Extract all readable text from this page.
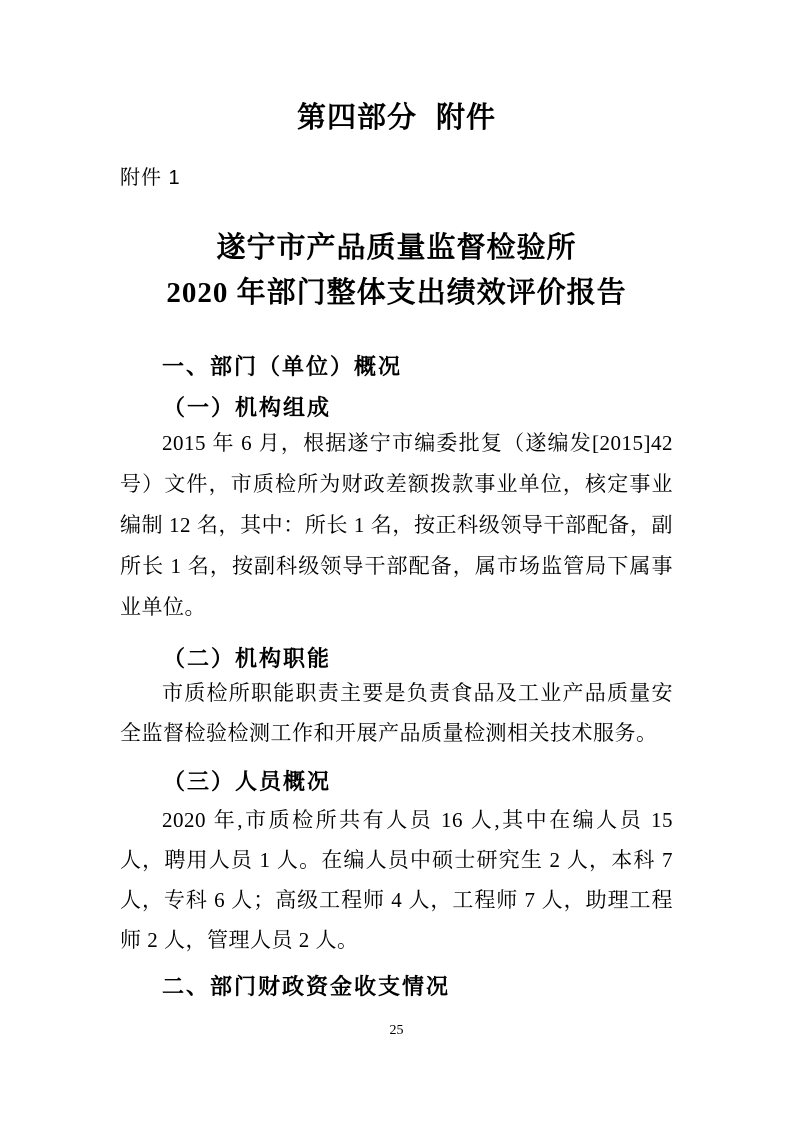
第四部分 附件
附件 1
遂宁市产品质量监督检验所
2020 年部门整体支出绩效评价报告
一、部门（单位）概况
（一）机构组成

2015 年 6 月，根据遂宁市编委批复（遂编发[2015]42 号）文件，市质检所为财政差额拨款事业单位，核定事业编制 12 名，其中：所长 1 名，按正科级领导干部配备，副所长 1 名，按副科级领导干部配备，属市场监管局下属事业单位。

（二）机构职能

市质检所职能职责主要是负责食品及工业产品质量安全监督检验检测工作和开展产品质量检测相关技术服务。

（三）人员概况

2020 年,市质检所共有人员 16 人,其中在编人员 15 人，聘用人员 1 人。在编人员中硕士研究生 2 人，本科 7 人，专科 6 人；高级工程师 4 人，工程师 7 人，助理工程师 2 人，管理人员 2 人。

二、部门财政资金收支情况
25
